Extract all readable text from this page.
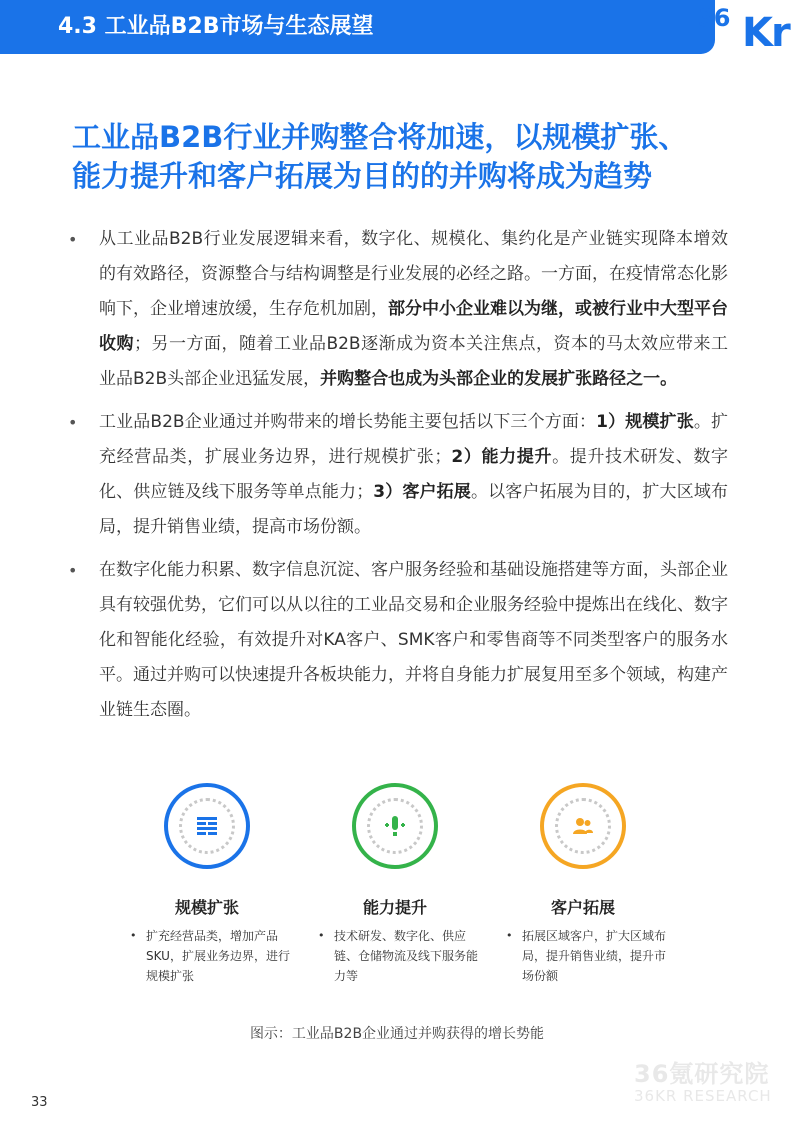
4.3 工业品B2B市场与生态展望	36 Kr
工业品B2B行业并购整合将加速，以规模扩张、
能力提升和客户拓展为目的的并购将成为趋势
• 从工业品B2B行业发展逻辑来看，数字化、规模化、集约化是产业链实现降本增效的有效路径，资源整合与结构调整是行业发展的必经之路。一方面，在疫情常态化影响下，企业增速放缓，生存危机加剧，部分中小企业难以为继，或被行业中大型平台收购；另一方面，随着工业品B2B逐渐成为资本关注焦点，资本的马太效应带来工业品B2B头部企业迅猛发展，并购整合也成为头部企业的发展扩张路径之一。
• 工业品B2B企业通过并购带来的增长势能主要包括以下三个方面：1）规模扩张。扩充经营品类，扩展业务边界，进行规模扩张；2）能力提升。提升技术研发、数字化、供应链及线下服务等单点能力；3）客户拓展。以客户拓展为目的，扩大区域布局，提升销售业绩，提高市场份额。
• 在数字化能力积累、数字信息沉淀、客户服务经验和基础设施搭建等方面，头部企业具有较强优势，它们可以从以往的工业品交易和企业服务经验中提炼出在线化、数字化和智能化经验，有效提升对KA客户、SMK客户和零售商等不同类型客户的服务水平。通过并购可以快速提升各板块能力，并将自身能力扩展复用至多个领域，构建产业链生态圈。
规模扩张
• 扩充经营品类，增加产品SKU，扩展业务边界，进行规模扩张
能力提升
• 技术研发、数字化、供应链、仓储物流及线下服务能力等
客户拓展
• 拓展区域客户，扩大区域布局，提升销售业绩，提升市场份额
图示：工业品B2B企业通过并购获得的增长势能
36氪研究院
36KR RESEARCH
33
